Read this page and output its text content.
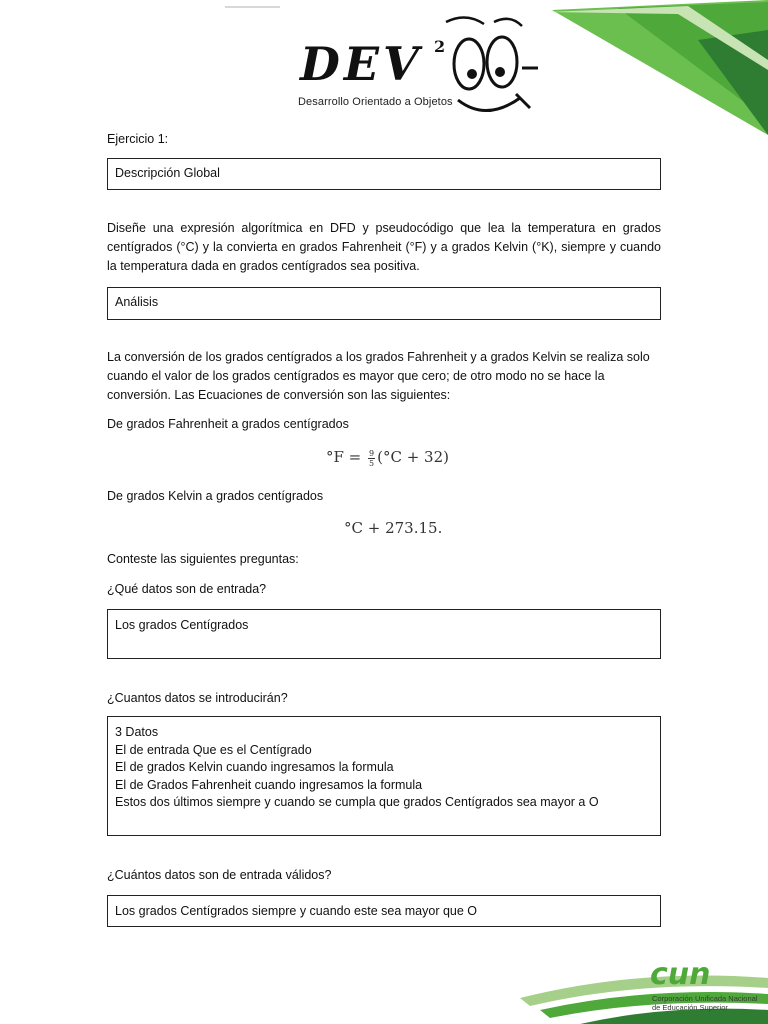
DEV 2
Desarrollo Orientado a Objetos
Ejercicio 1:
Descripción Global
Diseñe una expresión algorítmica en DFD y pseudocódigo que lea la temperatura en grados centígrados (°C) y la convierta en grados Fahrenheit (°F) y a grados Kelvin (°K), siempre y cuando la temperatura dada en grados centígrados sea positiva.
Análisis
La conversión de los grados centígrados a los grados Fahrenheit y a grados Kelvin se realiza solo cuando el valor de los grados centígrados es mayor que cero; de otro modo no se hace la conversión. Las Ecuaciones de conversión son las siguientes:
De grados Fahrenheit a grados centígrados
$^\circ F = \frac{9}{5} (^\circ C + 32)$
De grados Kelvin a grados centígrados
°C + 273.15.
Conteste las siguientes preguntas:
¿Qué datos son de entrada?
Los grados Centígrados
¿Cuantos datos se introducirán?
3 Datos
El de entrada Que es el Centígrado
El de grados Kelvin cuando ingresamos la formula
El de Grados Fahrenheit cuando ingresamos la formula
Estos dos últimos siempre y cuando se cumpla que grados Centígrados sea mayor a O
¿Cuántos datos son de entrada válidos?
Los grados Centígrados siempre y cuando este sea mayor que O
cun
Corporación Unificada Nacional
de Educación Superior
